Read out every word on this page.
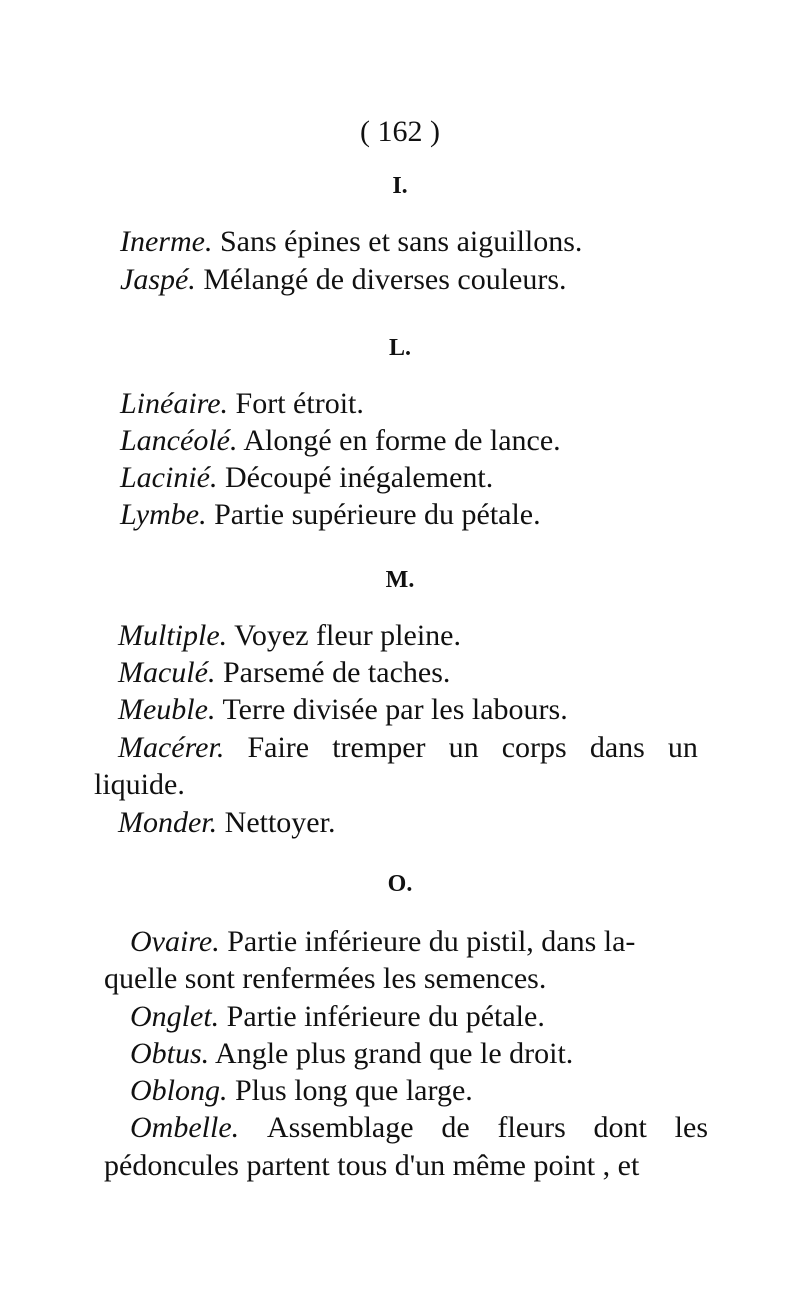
( 162 )
I.
Inerme. Sans épines et sans aiguillons.
Jaspé. Mélangé de diverses couleurs.
L.
Linéaire. Fort étroit.
Lancéolé. Alongé en forme de lance.
Lacinié. Découpé inégalement.
Lymbe. Partie supérieure du pétale.
M.
Multiple. Voyez fleur pleine.
Maculé. Parsemé de taches.
Meuble. Terre divisée par les labours.
Macérer. Faire tremper un corps dans un
liquide.
Monder. Nettoyer.
O.
Ovaire. Partie inférieure du pistil, dans la-
quelle sont renfermées les semences.
Onglet. Partie inférieure du pétale.
Obtus. Angle plus grand que le droit.
Oblong. Plus long que large.
Ombelle. Assemblage de fleurs dont les
pédoncules partent tous d'un même point , et
